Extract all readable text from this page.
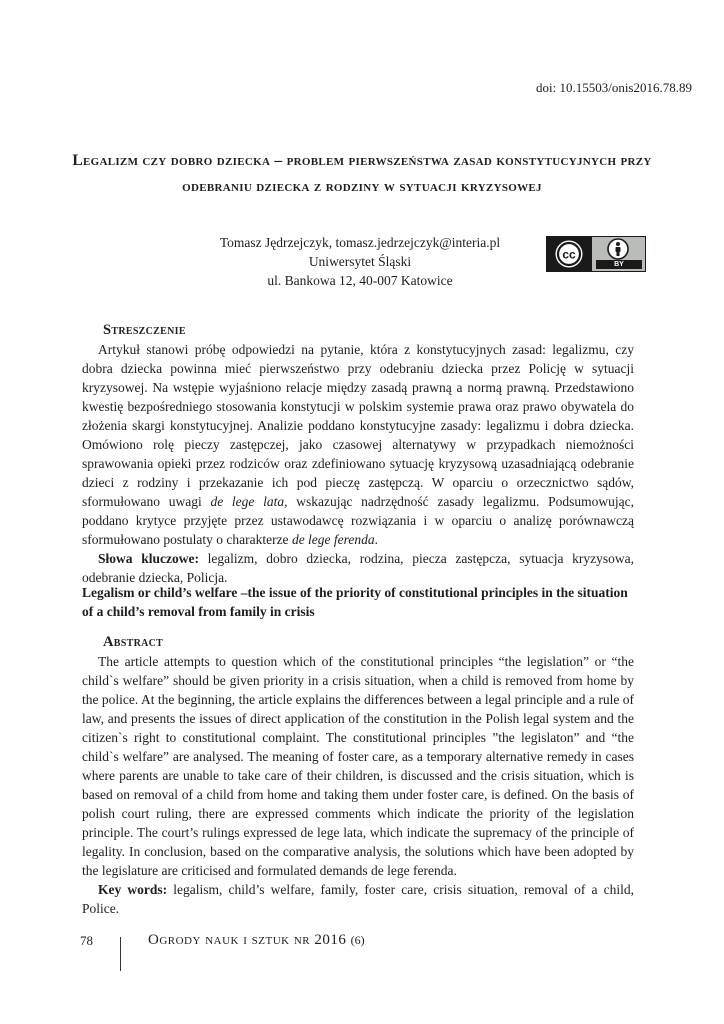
doi: 10.15503/onis2016.78.89
Legalizm czy dobro dziecka – problem pierwszeństwa zasad konstytucyjnych przy odebraniu dziecka z rodziny w sytuacji kryzysowej
Tomasz Jędrzejczyk, tomasz.jedrzejczyk@interia.pl
Uniwersytet Śląski
ul. Bankowa 12, 40-007 Katowice
cc
BY
Streszczenie
Artykuł stanowi próbę odpowiedzi na pytanie, która z konstytucyjnych zasad: legalizmu, czy dobra dziecka powinna mieć pierwszeństwo przy odebraniu dziecka przez Policję w sytuacji kryzysowej. Na wstępie wyjaśniono relacje między zasadą prawną a normą prawną. Przedstawiono kwestię bezpośredniego stosowania konstytucji w polskim systemie prawa oraz prawo obywatela do złożenia skargi konstytucyjnej. Analizie poddano konstytucyjne zasady: legalizmu i dobra dziecka. Omówiono rolę pieczy zastępczej, jako czasowej alternatywy w przypadkach niemożności sprawowania opieki przez rodziców oraz zdefiniowano sytuację kryzysową uzasadniającą odebranie dzieci z rodziny i przekazanie ich pod pieczę zastępczą. W oparciu o orzecznictwo sądów, sformułowano uwagi de lege lata, wskazując nadrzędność zasady legalizmu. Podsumowując, poddano krytyce przyjęte przez ustawodawcę rozwiązania i w oparciu o analizę porównawczą sformułowano postulaty o charakterze de lege ferenda.
Słowa kluczowe: legalizm, dobro dziecka, rodzina, piecza zastępcza, sytuacja kryzysowa, odebranie dziecka, Policja.
Legalism or child’s welfare –the issue of the priority of constitutional principles in the situation of a child’s removal from family in crisis
Abstract
The article attempts to question which of the constitutional principles “the legislation” or “the child`s welfare” should be given priority in a crisis situation, when a child is removed from home by the police. At the beginning, the article explains the differences between a legal principle and a rule of law, and presents the issues of direct application of the constitution in the Polish legal system and the citizen`s right to constitutional complaint. The constitutional principles ”the legislaton” and “the child`s welfare” are analysed. The meaning of foster care, as a temporary alternative remedy in cases where parents are unable to take care of their children, is discussed and the crisis situation, which is based on removal of a child from home and taking them under foster care, is defined. On the basis of polish court ruling, there are expressed comments which indicate the priority of the legislation principle. The court’s rulings expressed de lege lata, which indicate the supremacy of the principle of legality. In conclusion, based on the comparative analysis, the solutions which have been adopted by the legislature are criticised and formulated demands de lege ferenda.
Key words: legalism, child’s welfare, family, foster care, crisis situation, removal of a child, Police.
78	Ogrody nauk i sztuk nr 2016 (6)
